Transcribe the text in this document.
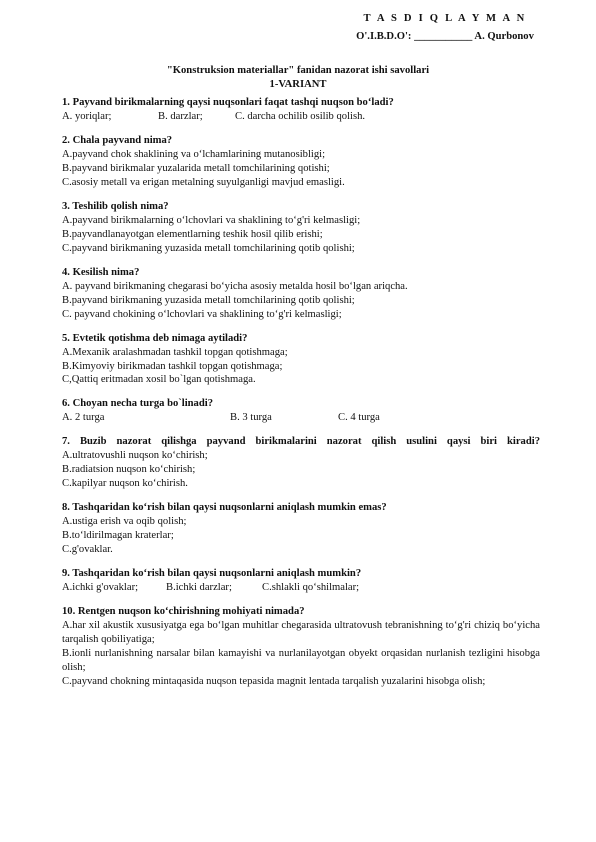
T A S D I Q L A Y M A N
O'.I.B.D.O': ___________ A. Qurbonov
"Konstruksion materiallar" fanidan nazorat ishi savollari
1-VARIANT
1. Payvand birikmalarning qaysi nuqsonlari faqat tashqi nuqson bo‘ladi?
A. yoriqlar;	B. darzlar;	C. darcha ochilib osilib qolish.
2. Chala payvand nima?
A.payvand chok shaklining va o‘lchamlarining mutanosibligi;
B.payvand birikmalar yuzalarida metall tomchilarining qotishi;
C.asosiy metall va erigan metalning suyulganligi mavjud emasligi.
3. Teshilib qolish nima?
A.payvand birikmalarning o‘lchovlari va shaklining to‘g'ri kelmasligi;
B.payvandlanayotgan elementlarning teshik hosil qilib erishi;
C.payvand birikmaning yuzasida metall tomchilarining qotib qolishi;
4. Kesilish nima?
A. payvand birikmaning chegarasi bo‘yicha asosiy metalda hosil bo‘lgan ariqcha.
B.payvand birikmaning yuzasida metall tomchilarining qotib qolishi;
C. payvand chokining o‘lchovlari va shaklining to‘g'ri kelmasligi;
5. Evtetik qotishma deb nimaga aytiladi?
A.Mexanik aralashmadan tashkil topgan qotishmaga;
B.Kimyoviy birikmadan tashkil topgan qotishmaga;
C,Qattiq eritmadan xosil bo`lgan qotishmaga.
6. Choyan necha turga bo`linadi?
A. 2 turga	B. 3 turga	C. 4 turga
7. Buzib nazorat qilishga payvand birikmalarini nazorat qilish usulini qaysi biri kiradi?
A.ultratovushli nuqson ko‘chirish;
B.radiatsion nuqson ko‘chirish;
C.kapilyar nuqson ko‘chirish.
8. Tashqaridan ko‘rish bilan qaysi nuqsonlarni aniqlash mumkin emas?
A.ustiga erish va oqib qolish;
B.to‘ldirilmagan kraterlar;
C.g'ovaklar.
9. Tashqaridan ko‘rish bilan qaysi nuqsonlarni aniqlash mumkin?
A.ichki g'ovaklar;	B.ichki darzlar;	C.shlakli qo‘shilmalar;
10. Rentgen nuqson ko‘chirishning mohiyati nimada?
A.har xil akustik xususiyatga ega bo‘lgan muhitlar chegarasida ultratovush tebranishning to‘g'ri chiziq bo‘yicha tarqalish qobiliyatiga;
B.ionli nurlanishning narsalar bilan kamayishi va nurlanilayotgan obyekt orqasidan nurlanish tezligini hisobga olish;
C.payvand chokning mintaqasida nuqson tepasida magnit lentada tarqalish yuzalarini hisobga olish;
